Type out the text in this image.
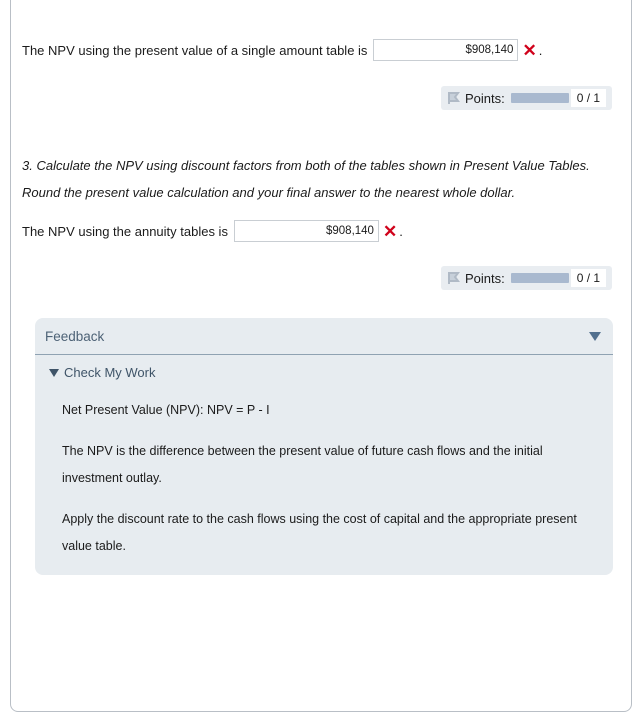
The NPV using the present value of a single amount table is	$908,140 ✕ .
Points:	0 / 1
3. Calculate the NPV using discount factors from both of the tables shown in Present Value Tables.
Round the present value calculation and your final answer to the nearest whole dollar.
The NPV using the annuity tables is	$908,140 ✕ .
Points:	0 / 1
Feedback
Check My Work
Net Present Value (NPV): NPV = P - I
The NPV is the difference between the present value of future cash flows and the initial investment outlay.
Apply the discount rate to the cash flows using the cost of capital and the appropriate present value table.
